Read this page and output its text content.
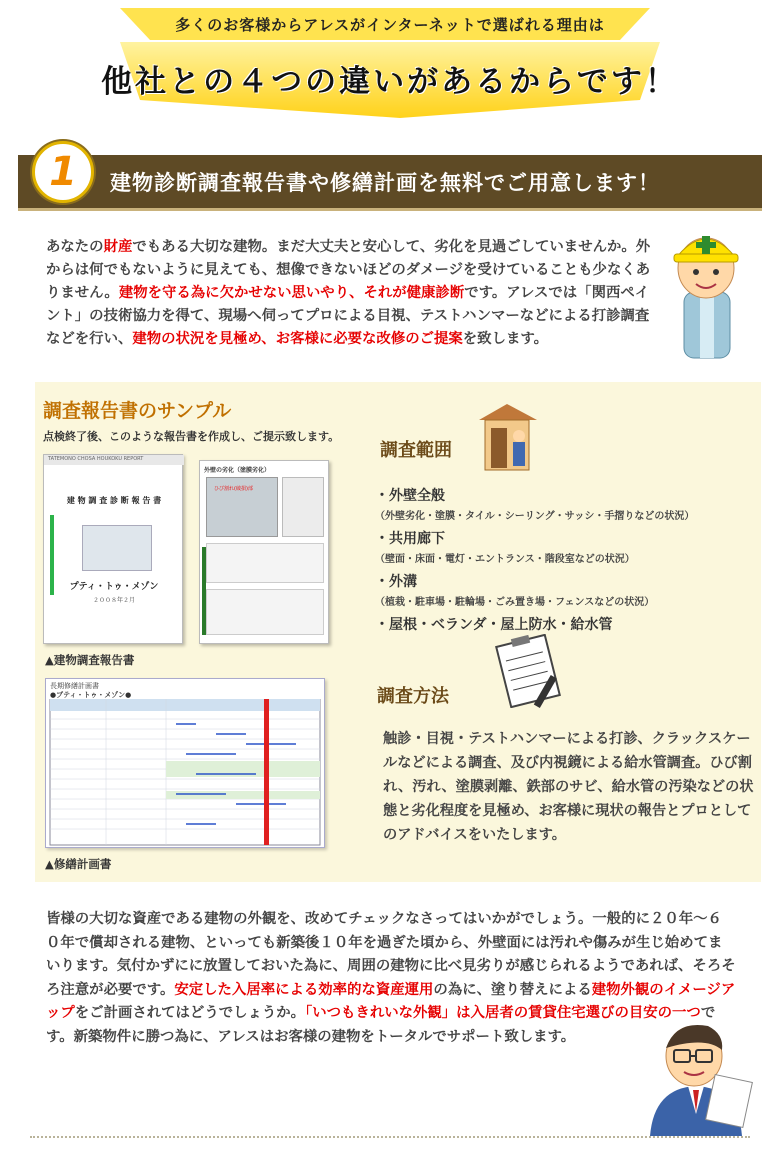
多くのお客様からアレスがインターネットで選ばれる理由は
他社との４つの違いがあるからです！
1	建物診断調査報告書や修繕計画を無料でご用意します！
あなたの財産でもある大切な建物。まだ大丈夫と安心して、劣化を見過ごしていませんか。外からは何でもないように見えても、想像できないほどのダメージを受けていることも少なくありません。建物を守る為に欠かせない思いやり、それが健康診断です。アレスでは「関西ペイント」の技術協力を得て、現場へ伺ってプロによる目視、テストハンマーなどによる打診調査などを行い、建物の状況を見極め、お客様に必要な改修のご提案を致します。
調査報告書のサンプル
点検終了後、このような報告書を作成し、ご提示致します。
TATEMONO CHOSA HOUKOKU REPORT
建 物 調 査 診 断 報 告 書
プティ・トゥ・メゾン
２００８年２月
外壁の劣化（塗膜劣化）
ひび割れ(破損)部
▲建物調査報告書
長期修繕計画書
●プティ・トゥ・メゾン●
▲修繕計画書
調査範囲
・外壁全般
（外壁劣化・塗膜・タイル・シーリング・サッシ・手摺りなどの状況）
・共用廊下
（壁面・床面・電灯・エントランス・階段室などの状況）
・外溝
（植栽・駐車場・駐輪場・ごみ置き場・フェンスなどの状況）
・屋根・ベランダ・屋上防水・給水管
調査方法
触診・目視・テストハンマーによる打診、クラックスケールなどによる調査、及び内視鏡による給水管調査。ひび割れ、汚れ、塗膜剥離、鉄部のサビ、給水管の汚染などの状態と劣化程度を見極め、お客様に現状の報告とプロとしてのアドバイスをいたします。
皆様の大切な資産である建物の外観を、改めてチェックなさってはいかがでしょう。一般的に２０年～６０年で償却される建物、といっても新築後１０年を過ぎた頃から、外壁面には汚れや傷みが生じ始めてまいります。気付かずにに放置しておいた為に、周囲の建物に比べ見劣りが感じられるようであれば、そろそろ注意が必要です。安定した入居率による効率的な資産運用の為に、塗り替えによる建物外観のイメージアップをご計画されてはどうでしょうか。「いつもきれいな外観」は入居者の賃貸住宅選びの目安の一つです。新築物件に勝つ為に、アレスはお客様の建物をトータルでサポート致します。
